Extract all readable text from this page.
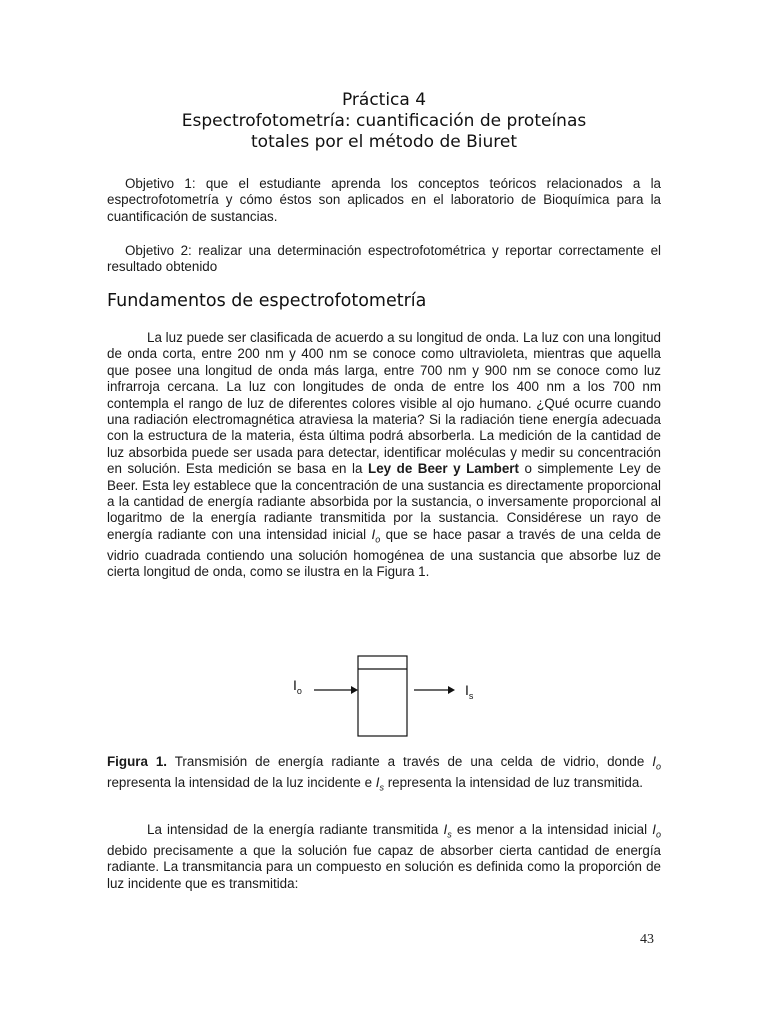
Práctica 4
Espectrofotometría: cuantificación de proteínas
totales por el método de Biuret

Objetivo 1: que el estudiante aprenda los conceptos teóricos relacionados a la espectrofotometría y cómo éstos son aplicados en el laboratorio de Bioquímica para la cuantificación de sustancias.

Objetivo 2: realizar una determinación espectrofotométrica y reportar correctamente el resultado obtenido

Fundamentos de espectrofotometría

La luz puede ser clasificada de acuerdo a su longitud de onda. La luz con una longitud de onda corta, entre 200 nm y 400 nm se conoce como ultravioleta, mientras que aquella que posee una longitud de onda más larga, entre 700 nm y 900 nm se conoce como luz infrarroja cercana. La luz con longitudes de onda de entre los 400 nm a los 700 nm contempla el rango de luz de diferentes colores visible al ojo humano. ¿Qué ocurre cuando una radiación electromagnética atraviesa la materia? Si la radiación tiene energía adecuada con la estructura de la materia, ésta última podrá absorberla. La medición de la cantidad de luz absorbida puede ser usada para detectar, identificar moléculas y medir su concentración en solución. Esta medición se basa en la Ley de Beer y Lambert o simplemente Ley de Beer. Esta ley establece que la concentración de una sustancia es directamente proporcional a la cantidad de energía radiante absorbida por la sustancia, o inversamente proporcional al logaritmo de la energía radiante transmitida por la sustancia. Considérese un rayo de energía radiante con una intensidad inicial $I_o$ que se hace pasar a través de una celda de vidrio cuadrada contiendo una solución homogénea de una sustancia que absorbe luz de cierta longitud de onda, como se ilustra en la Figura 1.

$I_o$	$I_s$

Figura 1. Transmisión de energía radiante a través de una celda de vidrio, donde $I_o$ representa la intensidad de la luz incidente e $I_s$ representa la intensidad de luz transmitida.

La intensidad de la energía radiante transmitida $I_s$ es menor a la intensidad inicial $I_o$ debido precisamente a que la solución fue capaz de absorber cierta cantidad de energía radiante. La transmitancia para un compuesto en solución es definida como la proporción de luz incidente que es transmitida:

43
